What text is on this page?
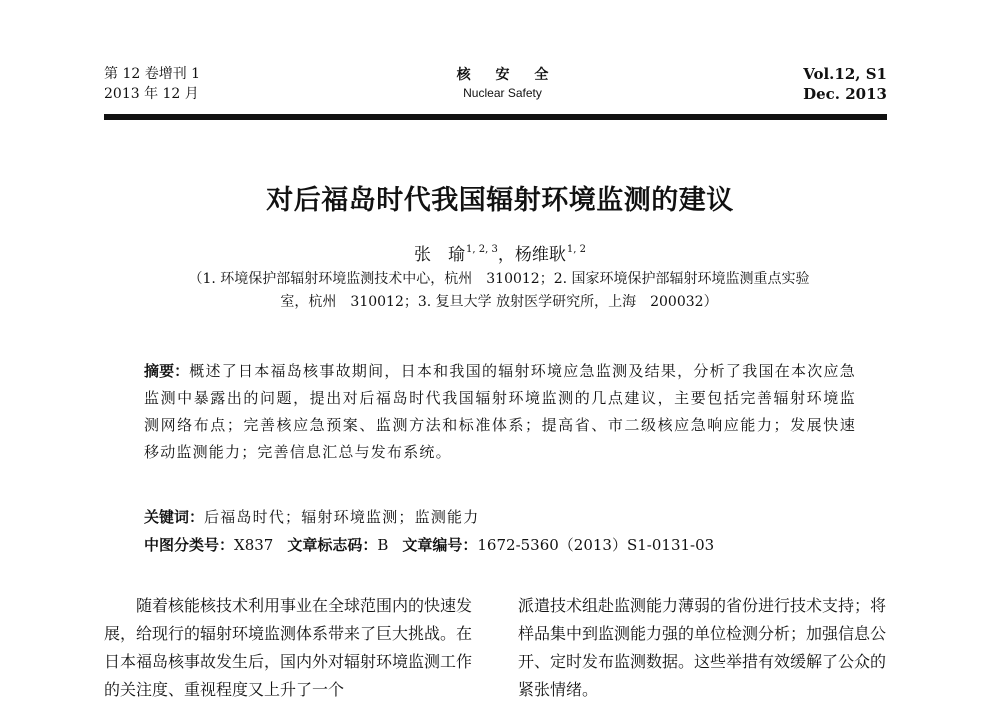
第 12 卷增刊 1
2013 年 12 月
核 安 全
Nuclear Safety
Vol.12, S1
Dec. 2013
对后福岛时代我国辐射环境监测的建议
张　瑜$^{1, 2, 3}$，杨维耿$^{1, 2}$
（1. 环境保护部辐射环境监测技术中心，杭州　310012；2. 国家环境保护部辐射环境监测重点实验
室，杭州　310012；3. 复旦大学 放射医学研究所，上海　200032）
摘要：概述了日本福岛核事故期间，日本和我国的辐射环境应急监测及结果，分析了我国在本次应急监测中暴露出的问题，提出对后福岛时代我国辐射环境监测的几点建议，主要包括完善辐射环境监测网络布点；完善核应急预案、监测方法和标准体系；提高省、市二级核应急响应能力；发展快速移动监测能力；完善信息汇总与发布系统。
关键词：后福岛时代；辐射环境监测；监测能力
中图分类号：X837 文章标志码：B 文章编号：1672-5360（2013）S1-0131-03
随着核能核技术利用事业在全球范围内的快速发展，给现行的辐射环境监测体系带来了巨大挑战。在日本福岛核事故发生后，国内外对辐射环境监测工作的关注度、重视程度又上升了一个
派遣技术组赴监测能力薄弱的省份进行技术支持；将样品集中到监测能力强的单位检测分析；加强信息公开、定时发布监测数据。这些举措有效缓解了公众的紧张情绪。
